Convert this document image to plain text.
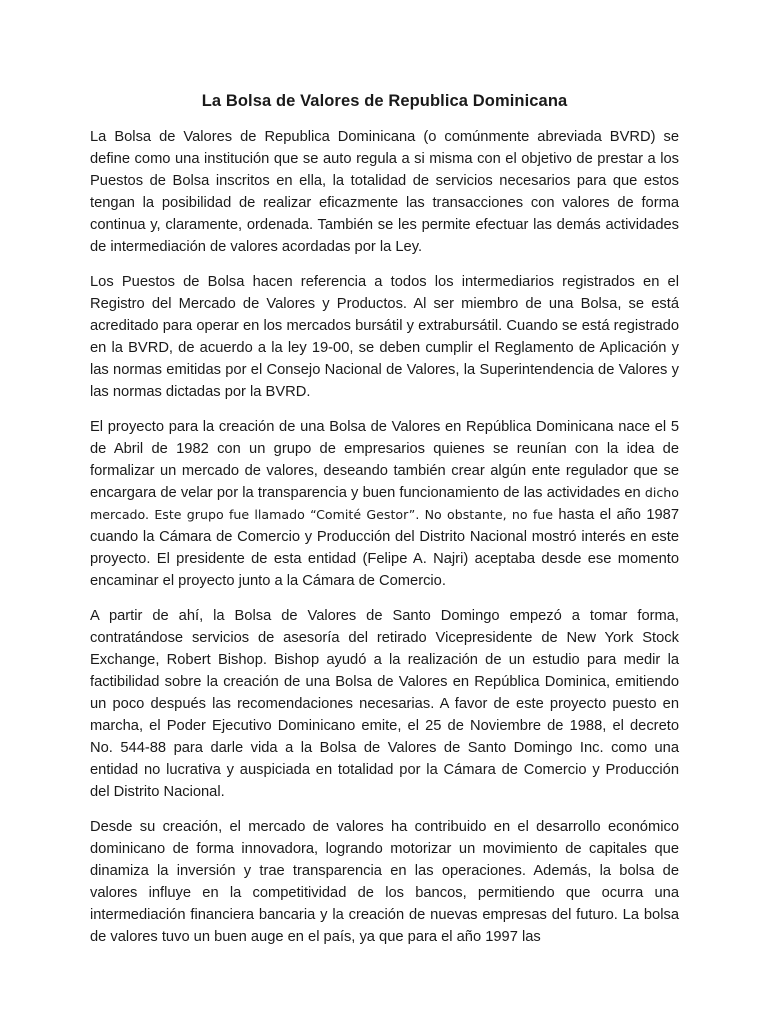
La Bolsa de Valores de Republica Dominicana

La Bolsa de Valores de Republica Dominicana (o comúnmente abreviada BVRD) se define como una institución que se auto regula a si misma con el objetivo de prestar a los Puestos de Bolsa inscritos en ella, la totalidad de servicios necesarios para que estos tengan la posibilidad de realizar eficazmente las transacciones con valores de forma continua y, claramente, ordenada. También se les permite efectuar las demás actividades de intermediación de valores acordadas por la Ley.

Los Puestos de Bolsa hacen referencia a todos los intermediarios registrados en el Registro del Mercado de Valores y Productos. Al ser miembro de una Bolsa, se está acreditado para operar en los mercados bursátil y extrabursátil. Cuando se está registrado en la BVRD, de acuerdo a la ley 19-00, se deben cumplir el Reglamento de Aplicación y las normas emitidas por el Consejo Nacional de Valores, la Superintendencia de Valores y las normas dictadas por la BVRD.

El proyecto para la creación de una Bolsa de Valores en República Dominicana nace el 5 de Abril de 1982 con un grupo de empresarios quienes se reunían con la idea de formalizar un mercado de valores, deseando también crear algún ente regulador que se encargara de velar por la transparencia y buen funcionamiento de las actividades en dicho mercado. Este grupo fue llamado “Comité Gestor”. No obstante, no fue hasta el año 1987 cuando la Cámara de Comercio y Producción del Distrito Nacional mostró interés en este proyecto. El presidente de esta entidad (Felipe A. Najri) aceptaba desde ese momento encaminar el proyecto junto a la Cámara de Comercio.

A partir de ahí, la Bolsa de Valores de Santo Domingo empezó a tomar forma, contratándose servicios de asesoría del retirado Vicepresidente de New York Stock Exchange, Robert Bishop. Bishop ayudó a la realización de un estudio para medir la factibilidad sobre la creación de una Bolsa de Valores en República Dominica, emitiendo un poco después las recomendaciones necesarias. A favor de este proyecto puesto en marcha, el Poder Ejecutivo Dominicano emite, el 25 de Noviembre de 1988, el decreto No. 544-88 para darle vida a la Bolsa de Valores de Santo Domingo Inc. como una entidad no lucrativa y auspiciada en totalidad por la Cámara de Comercio y Producción del Distrito Nacional.

Desde su creación, el mercado de valores ha contribuido en el desarrollo económico dominicano de forma innovadora, logrando motorizar un movimiento de capitales que dinamiza la inversión y trae transparencia en las operaciones. Además, la bolsa de valores influye en la competitividad de los bancos, permitiendo que ocurra una intermediación financiera bancaria y la creación de nuevas empresas del futuro. La bolsa de valores tuvo un buen auge en el país, ya que para el año 1997 las
